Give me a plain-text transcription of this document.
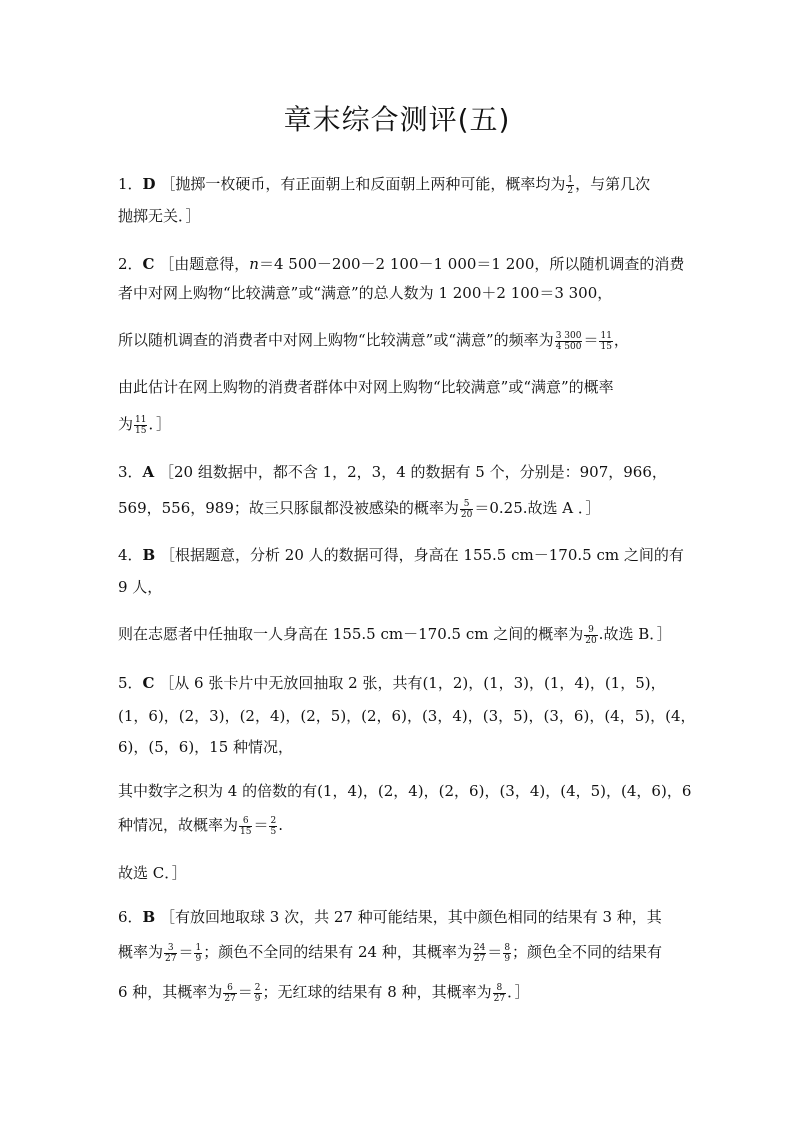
章末综合测评(五)
1．D ［抛掷一枚硬币，有正面朝上和反面朝上两种可能，概率均为 $\frac{1}{2}$ ，与第几次
抛掷无关．］
2．C ［由题意得，n＝4 500－200－2 100－1 000＝1 200，所以随机调查的消费
者中对网上购物“比较满意”或“满意”的总人数为 1 200＋2 100＝3 300，
所以随机调查的消费者中对网上购物“比较满意”或“满意”的频率为 $\frac{3 300}{4 500} = \frac{11}{15}$ ，
由此估计在网上购物的消费者群体中对网上购物“比较满意”或“满意”的概率
为 $\frac{11}{15}$ ．］
3．A ［20 组数据中，都不含 1，2，3，4 的数据有 5 个，分别是：907，966，
569，556，989；故三只豚鼠都没被感染的概率为 $\frac{5}{20} =0.25$.故选 A ．］
4．B ［根据题意，分析 20 人的数据可得，身高在 155.5 cm－170.5 cm 之间的有
9 人，
则在志愿者中任抽取一人身高在 155.5 cm－170.5 cm 之间的概率为 $\frac{9}{20}$ .故选 B．］
5．C ［从 6 张卡片中无放回抽取 2 张，共有(1，2)，(1，3)，(1，4)，(1，5)，
(1，6)，(2，3)，(2，4)，(2，5)，(2，6)，(3，4)，(3，5)，(3，6)，(4，5)，(4，
6)，(5，6)，15 种情况，
其中数字之积为 4 的倍数的有(1，4)，(2，4)，(2，6)，(3，4)，(4，5)，(4，6)，6
种情况，故概率为 $\frac{6}{15} = \frac{2}{5}$ .
故选 C．］
6．B ［有放回地取球 3 次，共 27 种可能结果，其中颜色相同的结果有 3 种，其
概率为 $\frac{3}{27} = \frac{1}{9}$ ；颜色不全同的结果有 24 种，其概率为 $\frac{24}{27} = \frac{8}{9}$ ；颜色全不同的结果有
6 种，其概率为 $\frac{6}{27} = \frac{2}{9}$ ；无红球的结果有 8 种，其概率为 $\frac{8}{27}$ ．］
